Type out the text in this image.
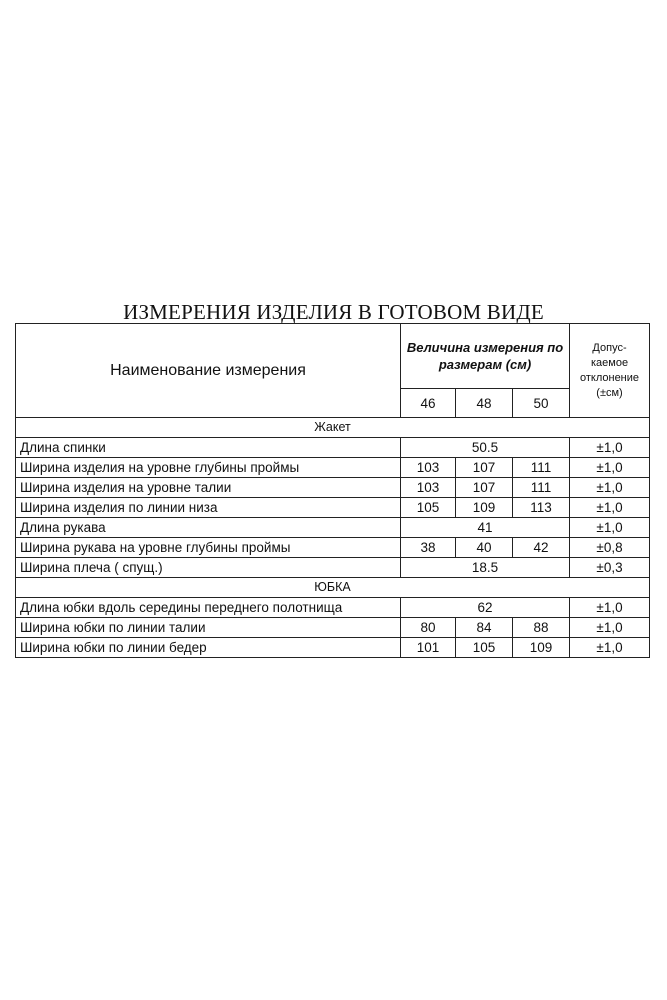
ИЗМЕРЕНИЯ ИЗДЕЛИЯ В ГОТОВОМ ВИДЕ
Наименование измерения	Величина измерения по размерам (см)			Допус-каемое отклонение (±см)
	46	48	50	
Жакет				
Длина спинки	50.5			±1,0
Ширина изделия на уровне глубины проймы	103	107	111	±1,0
Ширина изделия на уровне талии	103	107	111	±1,0
Ширина изделия по линии низа	105	109	113	±1,0
Длина рукава	41			±1,0
Ширина рукава на уровне глубины проймы	38	40	42	±0,8
Ширина плеча ( спущ.)	18.5			±0,3
ЮБКА				
Длина юбки вдоль середины переднего полотнища	62			±1,0
Ширина юбки по линии талии	80	84	88	±1,0
Ширина юбки по линии бедер	101	105	109	±1,0
